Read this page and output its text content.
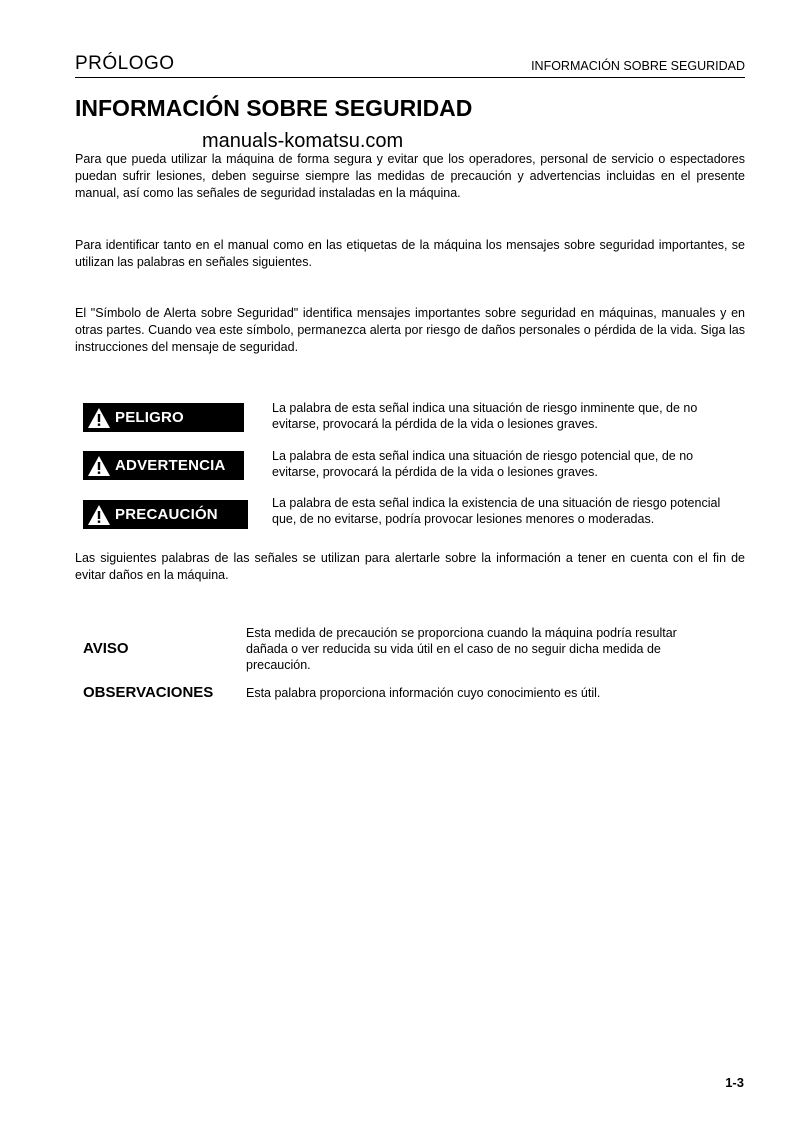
PRÓLOGO	INFORMACIÓN SOBRE SEGURIDAD
INFORMACIÓN SOBRE SEGURIDAD
manuals-komatsu.com

Para que pueda utilizar la máquina de forma segura y evitar que los operadores, personal de servicio o espectadores puedan sufrir lesiones, deben seguirse siempre las medidas de precaución y advertencias incluidas en el presente manual, así como las señales de seguridad instaladas en la máquina.

Para identificar tanto en el manual como en las etiquetas de la máquina los mensajes sobre seguridad importantes, se utilizan las palabras en señales siguientes.

El "Símbolo de Alerta sobre Seguridad" identifica mensajes importantes sobre seguridad en máquinas, manuales y en otras partes. Cuando vea este símbolo, permanezca alerta por riesgo de daños personales o pérdida de la vida. Siga las instrucciones del mensaje de seguridad.

PELIGRO

La palabra de esta señal indica una situación de riesgo inminente que, de no evitarse, provocará la pérdida de la vida o lesiones graves.

ADVERTENCIA

La palabra de esta señal indica una situación de riesgo potencial que, de no evitarse, provocará la pérdida de la vida o lesiones graves.

PRECAUCIÓN

La palabra de esta señal indica la existencia de una situación de riesgo potencial que, de no evitarse, podría provocar lesiones menores o moderadas.

Las siguientes palabras de las señales se utilizan para alertarle sobre la información a tener en cuenta con el fin de evitar daños en la máquina.

AVISO

Esta medida de precaución se proporciona cuando la máquina podría resultar dañada o ver reducida su vida útil en el caso de no seguir dicha medida de precaución.

OBSERVACIONES	Esta palabra proporciona información cuyo conocimiento es útil.

1-3
